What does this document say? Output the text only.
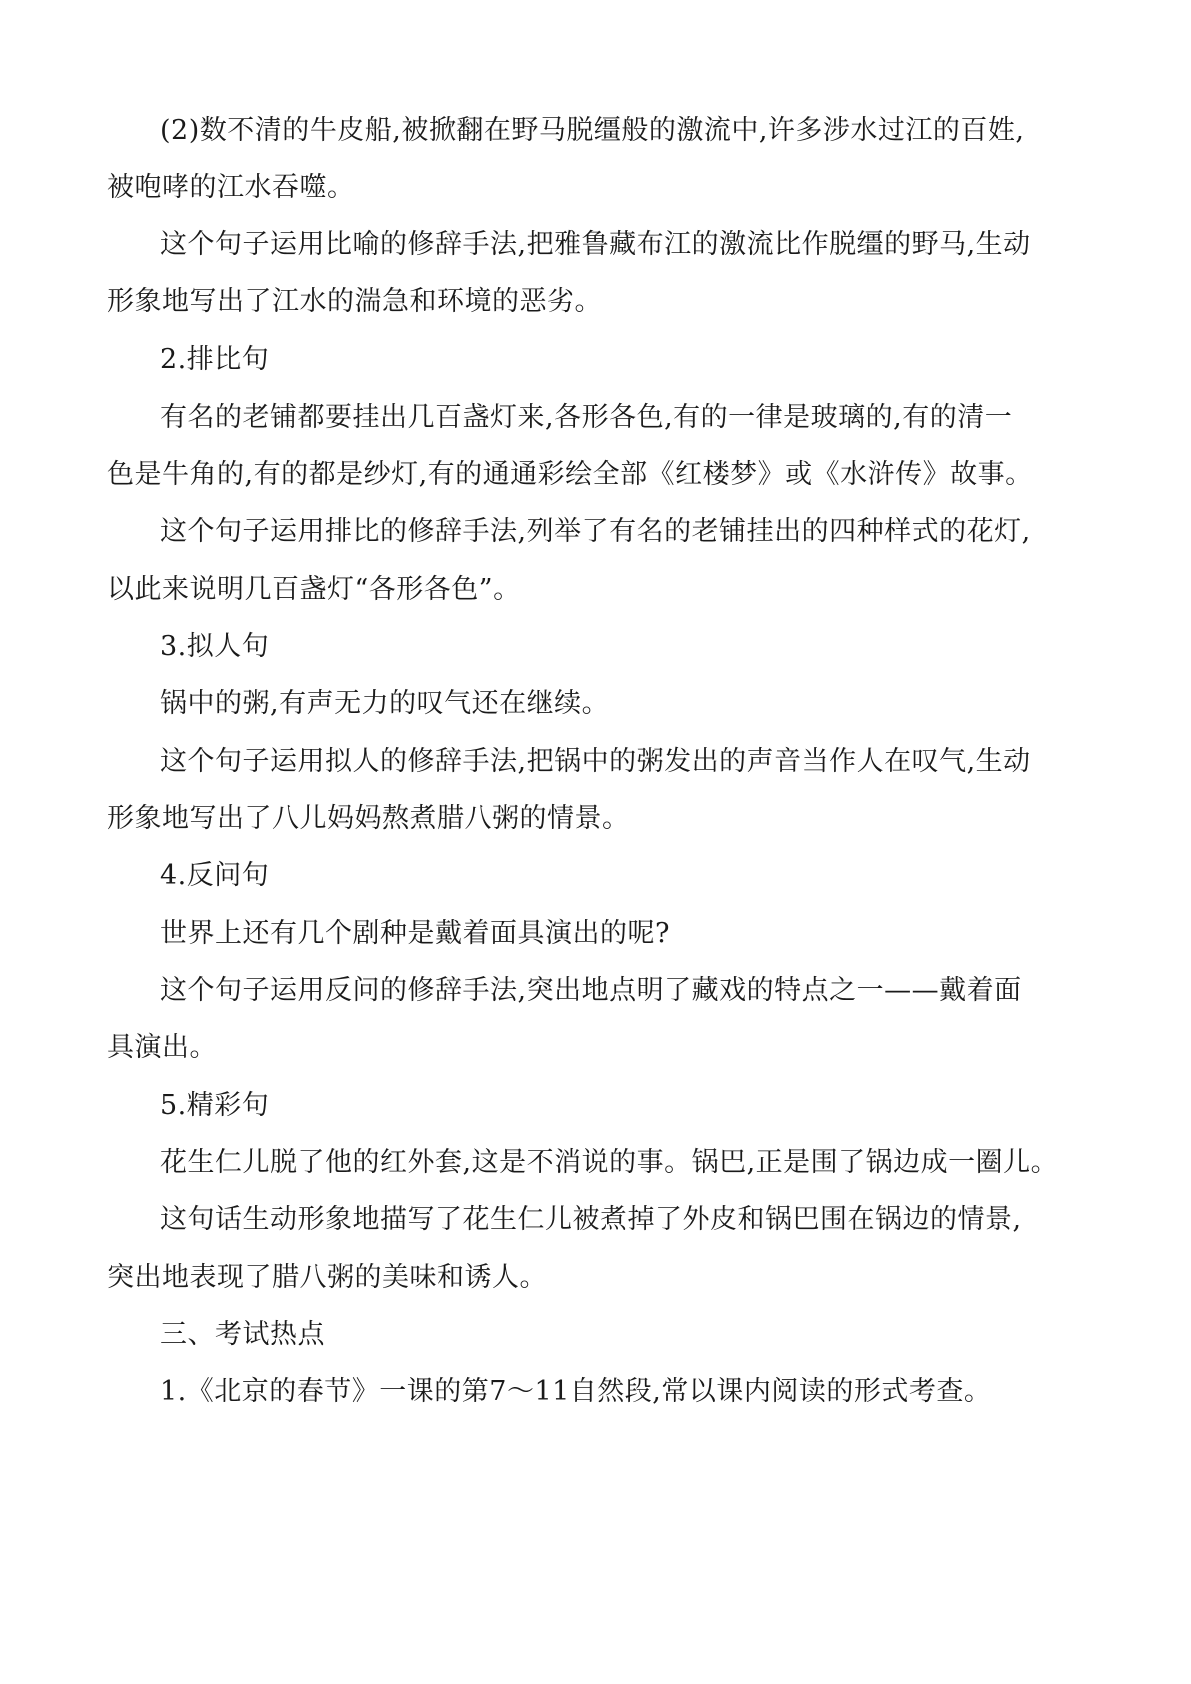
(2)数不清的牛皮船,被掀翻在野马脱缰般的激流中,许多涉水过江的百姓,
被咆哮的江水吞噬。
这个句子运用比喻的修辞手法,把雅鲁藏布江的激流比作脱缰的野马,生动
形象地写出了江水的湍急和环境的恶劣。
2.排比句
有名的老铺都要挂出几百盏灯来,各形各色,有的一律是玻璃的,有的清一
色是牛角的,有的都是纱灯,有的通通彩绘全部《红楼梦》或《水浒传》故事。
这个句子运用排比的修辞手法,列举了有名的老铺挂出的四种样式的花灯,
以此来说明几百盏灯“各形各色”。
3.拟人句
锅中的粥,有声无力的叹气还在继续。
这个句子运用拟人的修辞手法,把锅中的粥发出的声音当作人在叹气,生动
形象地写出了八儿妈妈熬煮腊八粥的情景。
4.反问句
世界上还有几个剧种是戴着面具演出的呢?
这个句子运用反问的修辞手法,突出地点明了藏戏的特点之一——戴着面
具演出。
5.精彩句
花生仁儿脱了他的红外套,这是不消说的事。锅巴,正是围了锅边成一圈儿。
这句话生动形象地描写了花生仁儿被煮掉了外皮和锅巴围在锅边的情景,
突出地表现了腊八粥的美味和诱人。
三、考试热点
1.《北京的春节》一课的第7～11自然段,常以课内阅读的形式考查。
